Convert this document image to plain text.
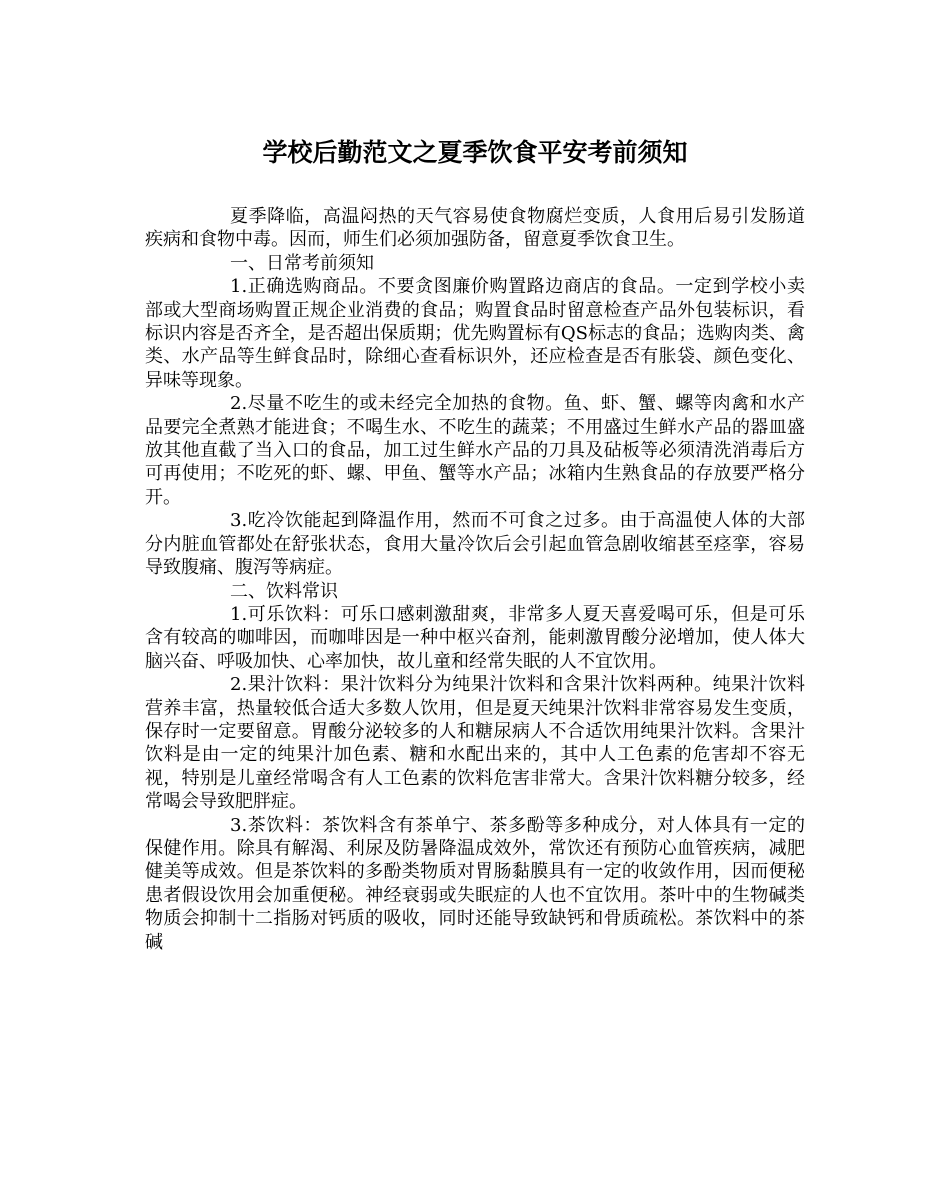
学校后勤范文之夏季饮食平安考前须知

夏季降临，高温闷热的天气容易使食物腐烂变质，人食用后易引发肠道疾病和食物中毒。因而，师生们必须加强防备，留意夏季饮食卫生。

一、日常考前须知

1.正确选购商品。不要贪图廉价购置路边商店的食品。一定到学校小卖部或大型商场购置正规企业消费的食品；购置食品时留意检查产品外包装标识，看标识内容是否齐全，是否超出保质期；优先购置标有QS标志的食品；选购肉类、禽类、水产品等生鲜食品时，除细心查看标识外，还应检查是否有胀袋、颜色变化、异味等现象。

2.尽量不吃生的或未经完全加热的食物。鱼、虾、蟹、螺等肉禽和水产品要完全煮熟才能进食；不喝生水、不吃生的蔬菜；不用盛过生鲜水产品的器皿盛放其他直截了当入口的食品，加工过生鲜水产品的刀具及砧板等必须清洗消毒后方可再使用；不吃死的虾、螺、甲鱼、蟹等水产品；冰箱内生熟食品的存放要严格分开。

3.吃冷饮能起到降温作用，然而不可食之过多。由于高温使人体的大部分内脏血管都处在舒张状态，食用大量冷饮后会引起血管急剧收缩甚至痉挛，容易导致腹痛、腹泻等病症。

二、饮料常识

1.可乐饮料：可乐口感刺激甜爽，非常多人夏天喜爱喝可乐，但是可乐含有较高的咖啡因，而咖啡因是一种中枢兴奋剂，能刺激胃酸分泌增加，使人体大脑兴奋、呼吸加快、心率加快，故儿童和经常失眠的人不宜饮用。

2.果汁饮料：果汁饮料分为纯果汁饮料和含果汁饮料两种。纯果汁饮料营养丰富，热量较低合适大多数人饮用，但是夏天纯果汁饮料非常容易发生变质，保存时一定要留意。胃酸分泌较多的人和糖尿病人不合适饮用纯果汁饮料。含果汁饮料是由一定的纯果汁加色素、糖和水配出来的，其中人工色素的危害却不容无视，特别是儿童经常喝含有人工色素的饮料危害非常大。含果汁饮料糖分较多，经常喝会导致肥胖症。

3.茶饮料：茶饮料含有茶单宁、茶多酚等多种成分，对人体具有一定的保健作用。除具有解渴、利尿及防暑降温成效外，常饮还有预防心血管疾病，减肥健美等成效。但是茶饮料的多酚类物质对胃肠黏膜具有一定的收敛作用，因而便秘患者假设饮用会加重便秘。神经衰弱或失眠症的人也不宜饮用。茶叶中的生物碱类物质会抑制十二指肠对钙质的吸收，同时还能导致缺钙和骨质疏松。茶饮料中的茶碱
